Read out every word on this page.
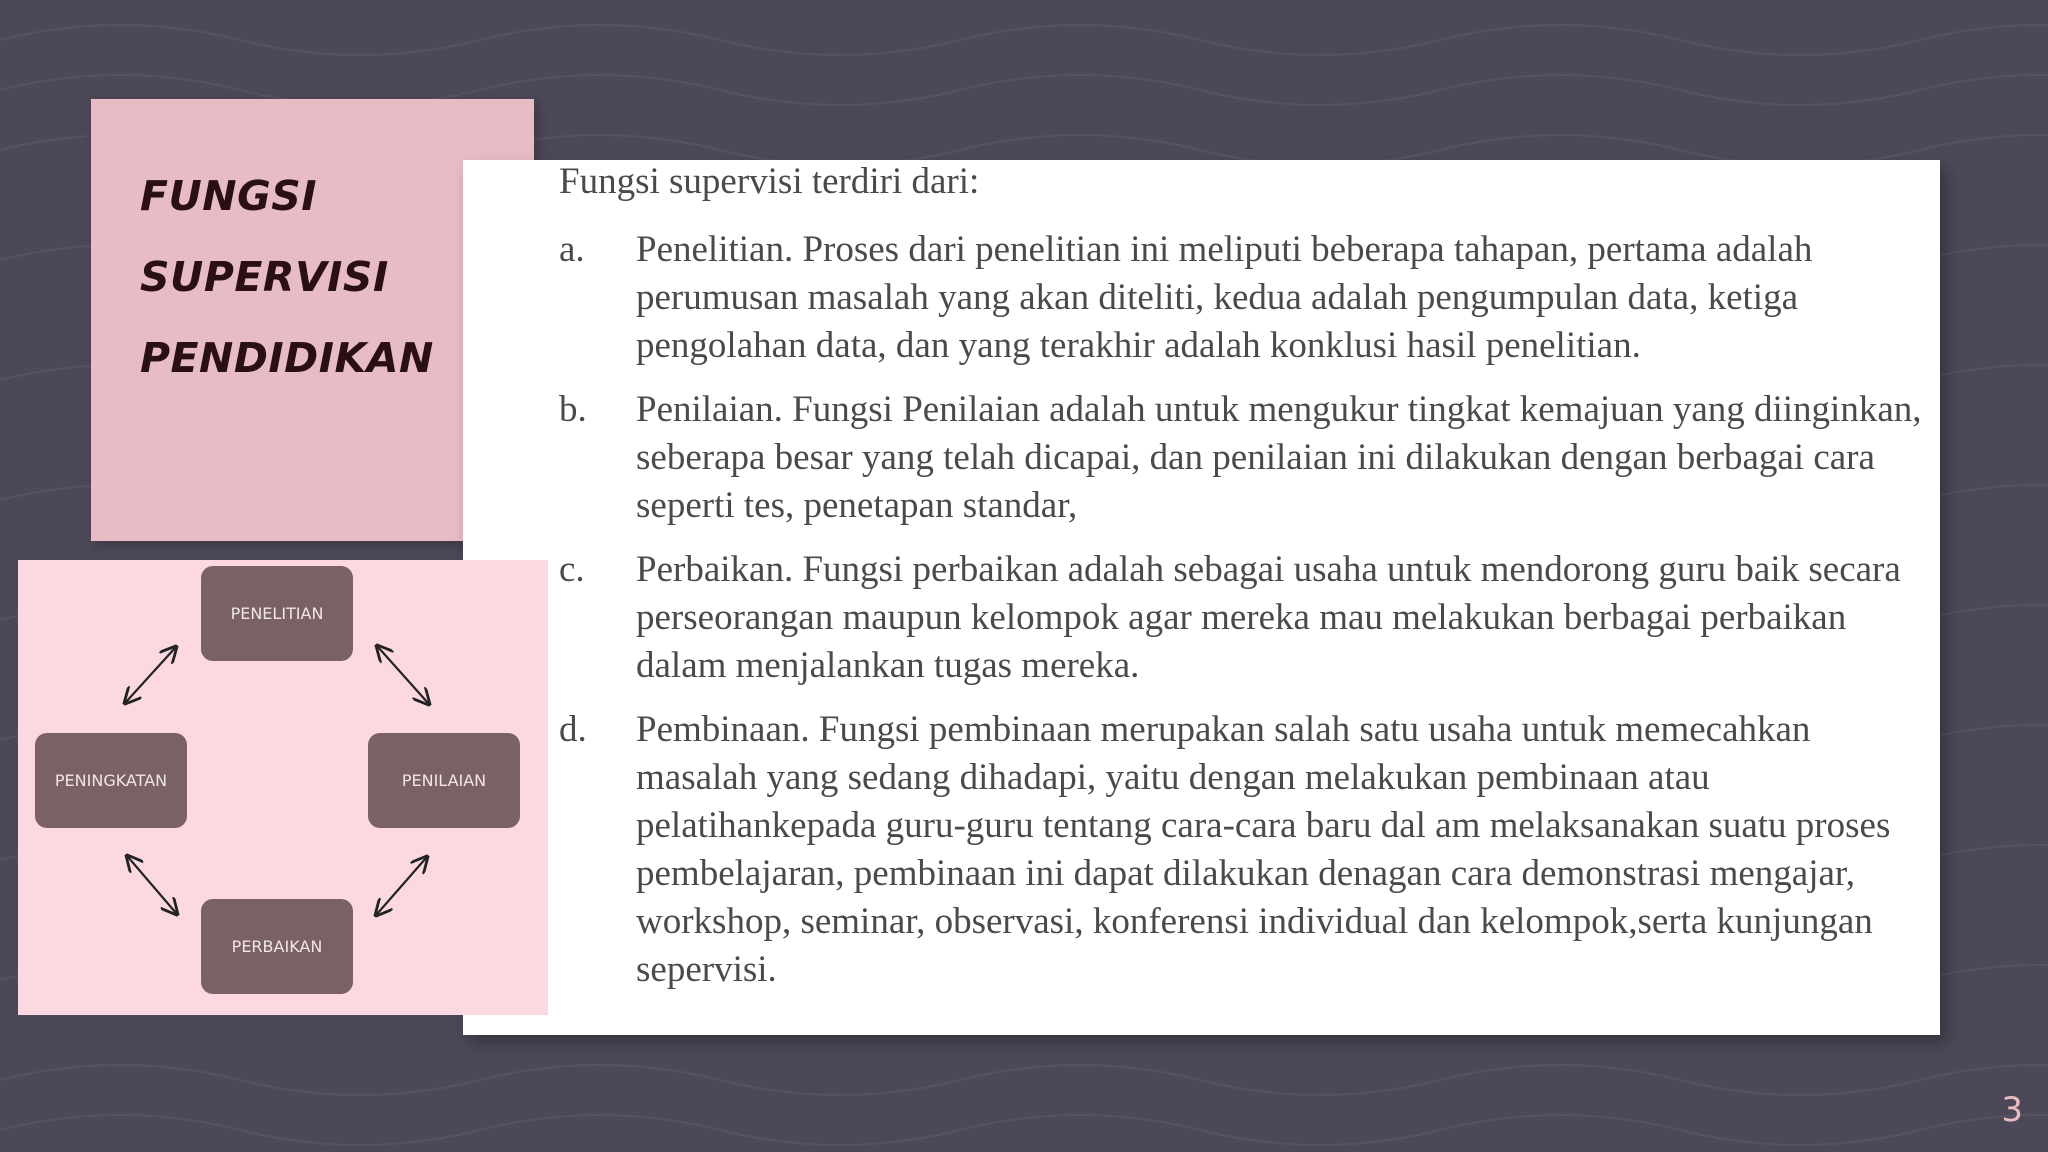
FUNGSI
SUPERVISI
PENDIDIKAN
Fungsi supervisi terdiri dari:
a. Penelitian. Proses dari penelitian ini meliputi beberapa tahapan, pertama adalah perumusan masalah yang akan diteliti, kedua adalah pengumpulan data, ketiga pengolahan data, dan yang terakhir adalah konklusi hasil penelitian.
b. Penilaian. Fungsi Penilaian adalah untuk mengukur tingkat kemajuan yang diinginkan, seberapa besar yang telah dicapai, dan penilaian ini dilakukan dengan berbagai cara seperti tes, penetapan standar,
c. Perbaikan. Fungsi perbaikan adalah sebagai usaha untuk mendorong guru baik secara perseorangan maupun kelompok agar mereka mau melakukan berbagai perbaikan dalam menjalankan tugas mereka.
d. Pembinaan. Fungsi pembinaan merupakan salah satu usaha untuk memecahkan masalah yang sedang dihadapi, yaitu dengan melakukan pembinaan atau pelatihankepada guru-guru tentang cara-cara baru dal am melaksanakan suatu proses pembelajaran, pembinaan ini dapat dilakukan denagan cara demonstrasi mengajar, workshop, seminar, observasi, konferensi individual dan kelompok,serta kunjungan sepervisi.
PENELITIAN
PENILAIAN
PERBAIKAN
PENINGKATAN
3
